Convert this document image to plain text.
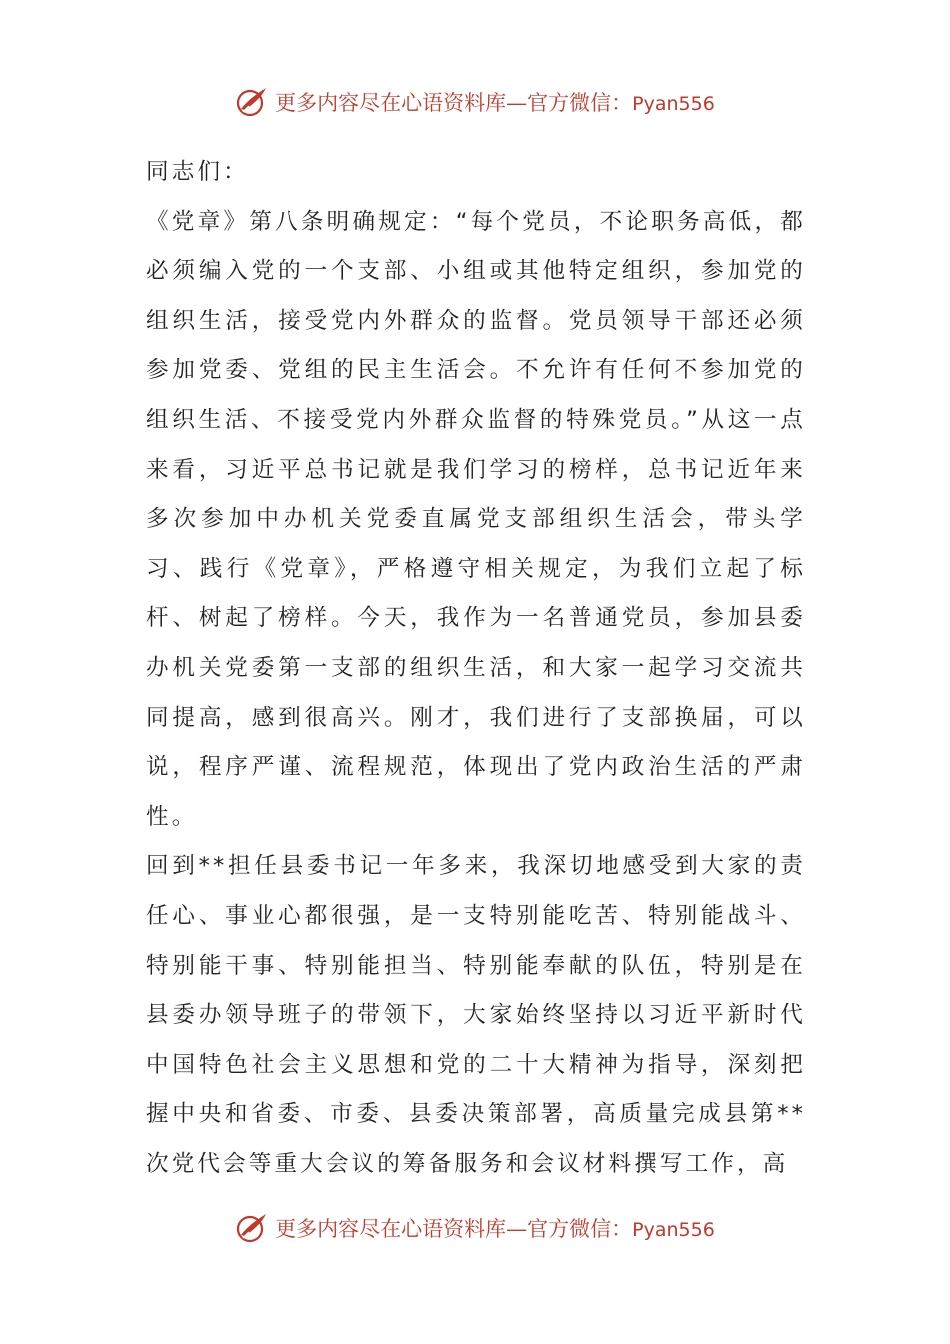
更多内容尽在心语资料库—官方微信：Pyan556

同志们：

《党章》第八条明确规定：“每个党员，不论职务高低，都必须编入党的一个支部、小组或其他特定组织，参加党的组织生活，接受党内外群众的监督。党员领导干部还必须参加党委、党组的民主生活会。不允许有任何不参加党的组织生活、不接受党内外群众监督的特殊党员。”从这一点来看，习近平总书记就是我们学习的榜样，总书记近年来多次参加中办机关党委直属党支部组织生活会，带头学习、践行《党章》，严格遵守相关规定，为我们立起了标杆、树起了榜样。今天，我作为一名普通党员，参加县委办机关党委第一支部的组织生活，和大家一起学习交流共同提高，感到很高兴。刚才，我们进行了支部换届，可以说，程序严谨、流程规范，体现出了党内政治生活的严肃性。

回到**担任县委书记一年多来，我深切地感受到大家的责任心、事业心都很强，是一支特别能吃苦、特别能战斗、特别能干事、特别能担当、特别能奉献的队伍，特别是在县委办领导班子的带领下，大家始终坚持以习近平新时代中国特色社会主义思想和党的二十大精神为指导，深刻把握中央和省委、市委、县委决策部署，高质量完成县第**次党代会等重大会议的筹备服务和会议材料撰写工作，高

更多内容尽在心语资料库—官方微信：Pyan556
